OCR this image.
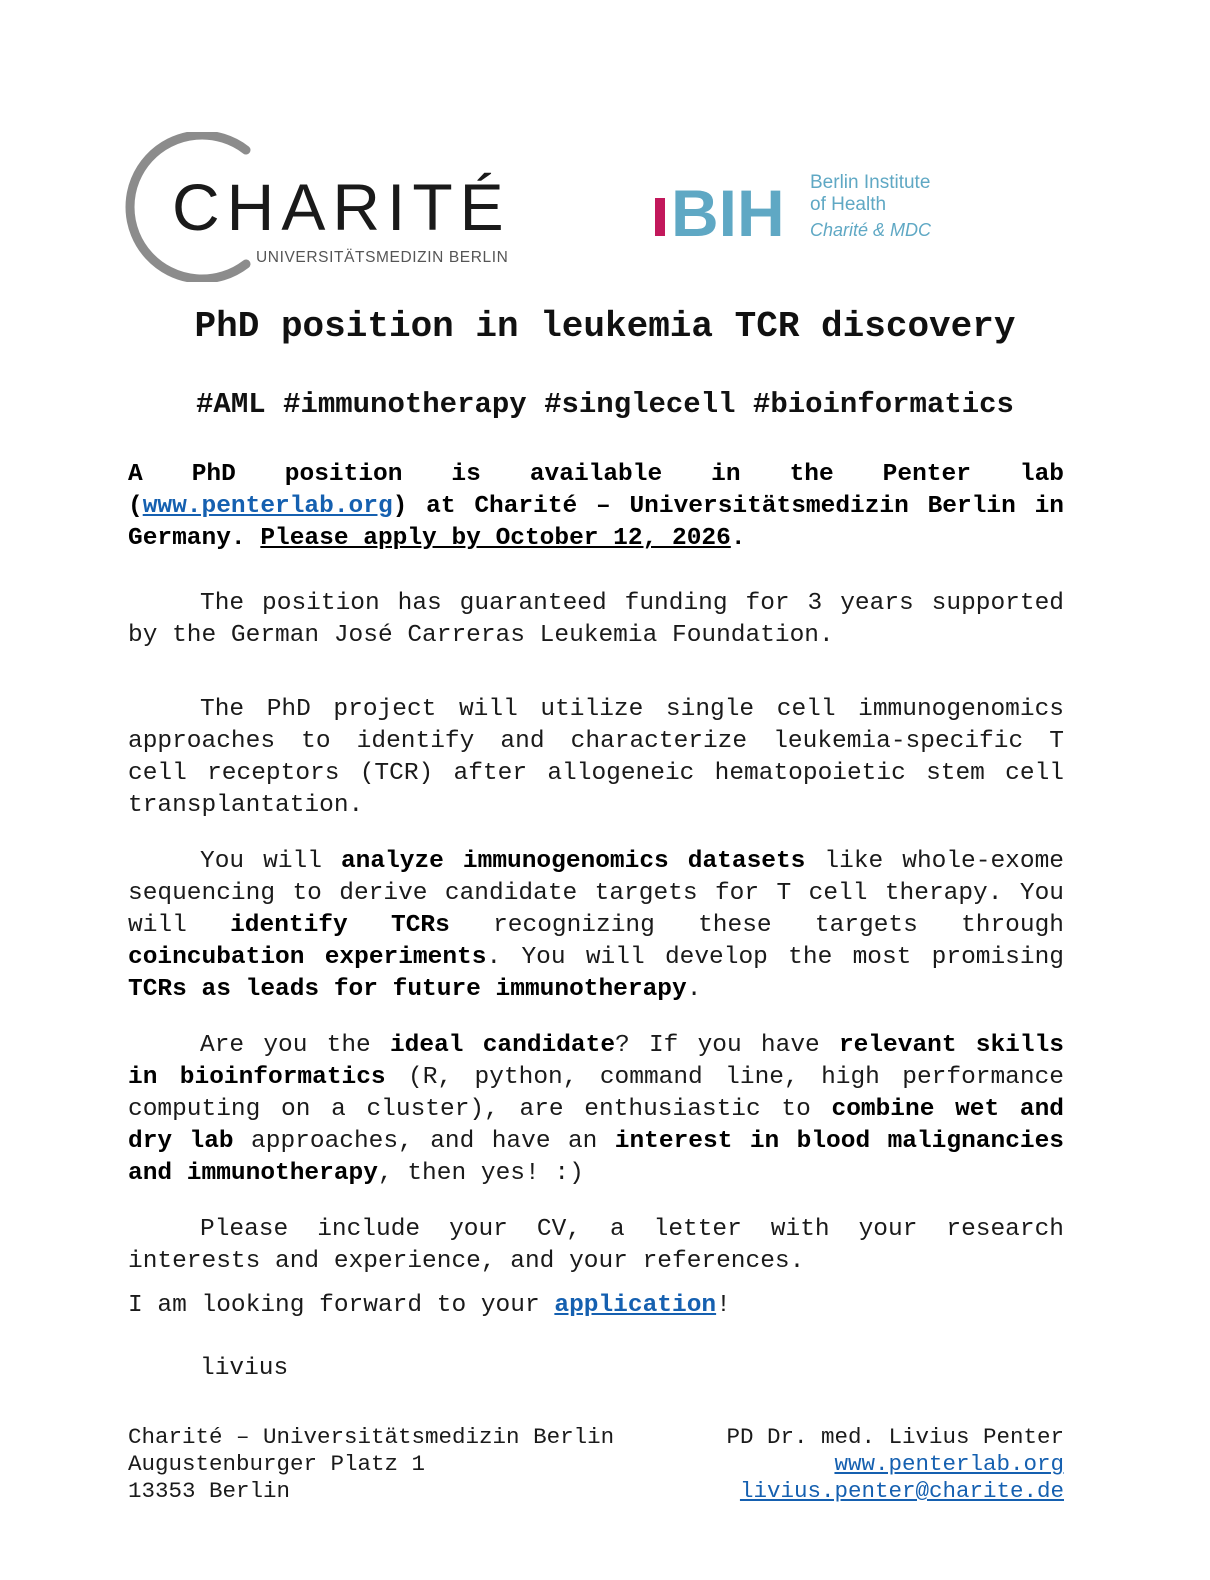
CHARITÉ
UNIVERSITÄTSMEDIZIN BERLIN
BIH Berlin Institute
of Health
Charité & MDC
PhD position in leukemia TCR discovery
#AML #immunotherapy #singlecell #bioinformatics
A PhD position is available in the Penter lab (www.penterlab.org) at Charité – Universitätsmedizin Berlin in Germany. Please apply by October 12, 2026.
The position has guaranteed funding for 3 years supported by the German José Carreras Leukemia Foundation.
The PhD project will utilize single cell immunogenomics approaches to identify and characterize leukemia-specific T cell receptors (TCR) after allogeneic hematopoietic stem cell transplantation.
You will analyze immunogenomics datasets like whole-exome sequencing to derive candidate targets for T cell therapy. You will identify TCRs recognizing these targets through coincubation experiments. You will develop the most promising TCRs as leads for future immunotherapy.
Are you the ideal candidate? If you have relevant skills in bioinformatics (R, python, command line, high performance computing on a cluster), are enthusiastic to combine wet and dry lab approaches, and have an interest in blood malignancies and immunotherapy, then yes! :)
Please include your CV, a letter with your research interests and experience, and your references.
I am looking forward to your application!
livius
Charité – Universitätsmedizin Berlin
Augustenburger Platz 1
13353 Berlin
PD Dr. med. Livius Penter
www.penterlab.org
livius.penter@charite.de
